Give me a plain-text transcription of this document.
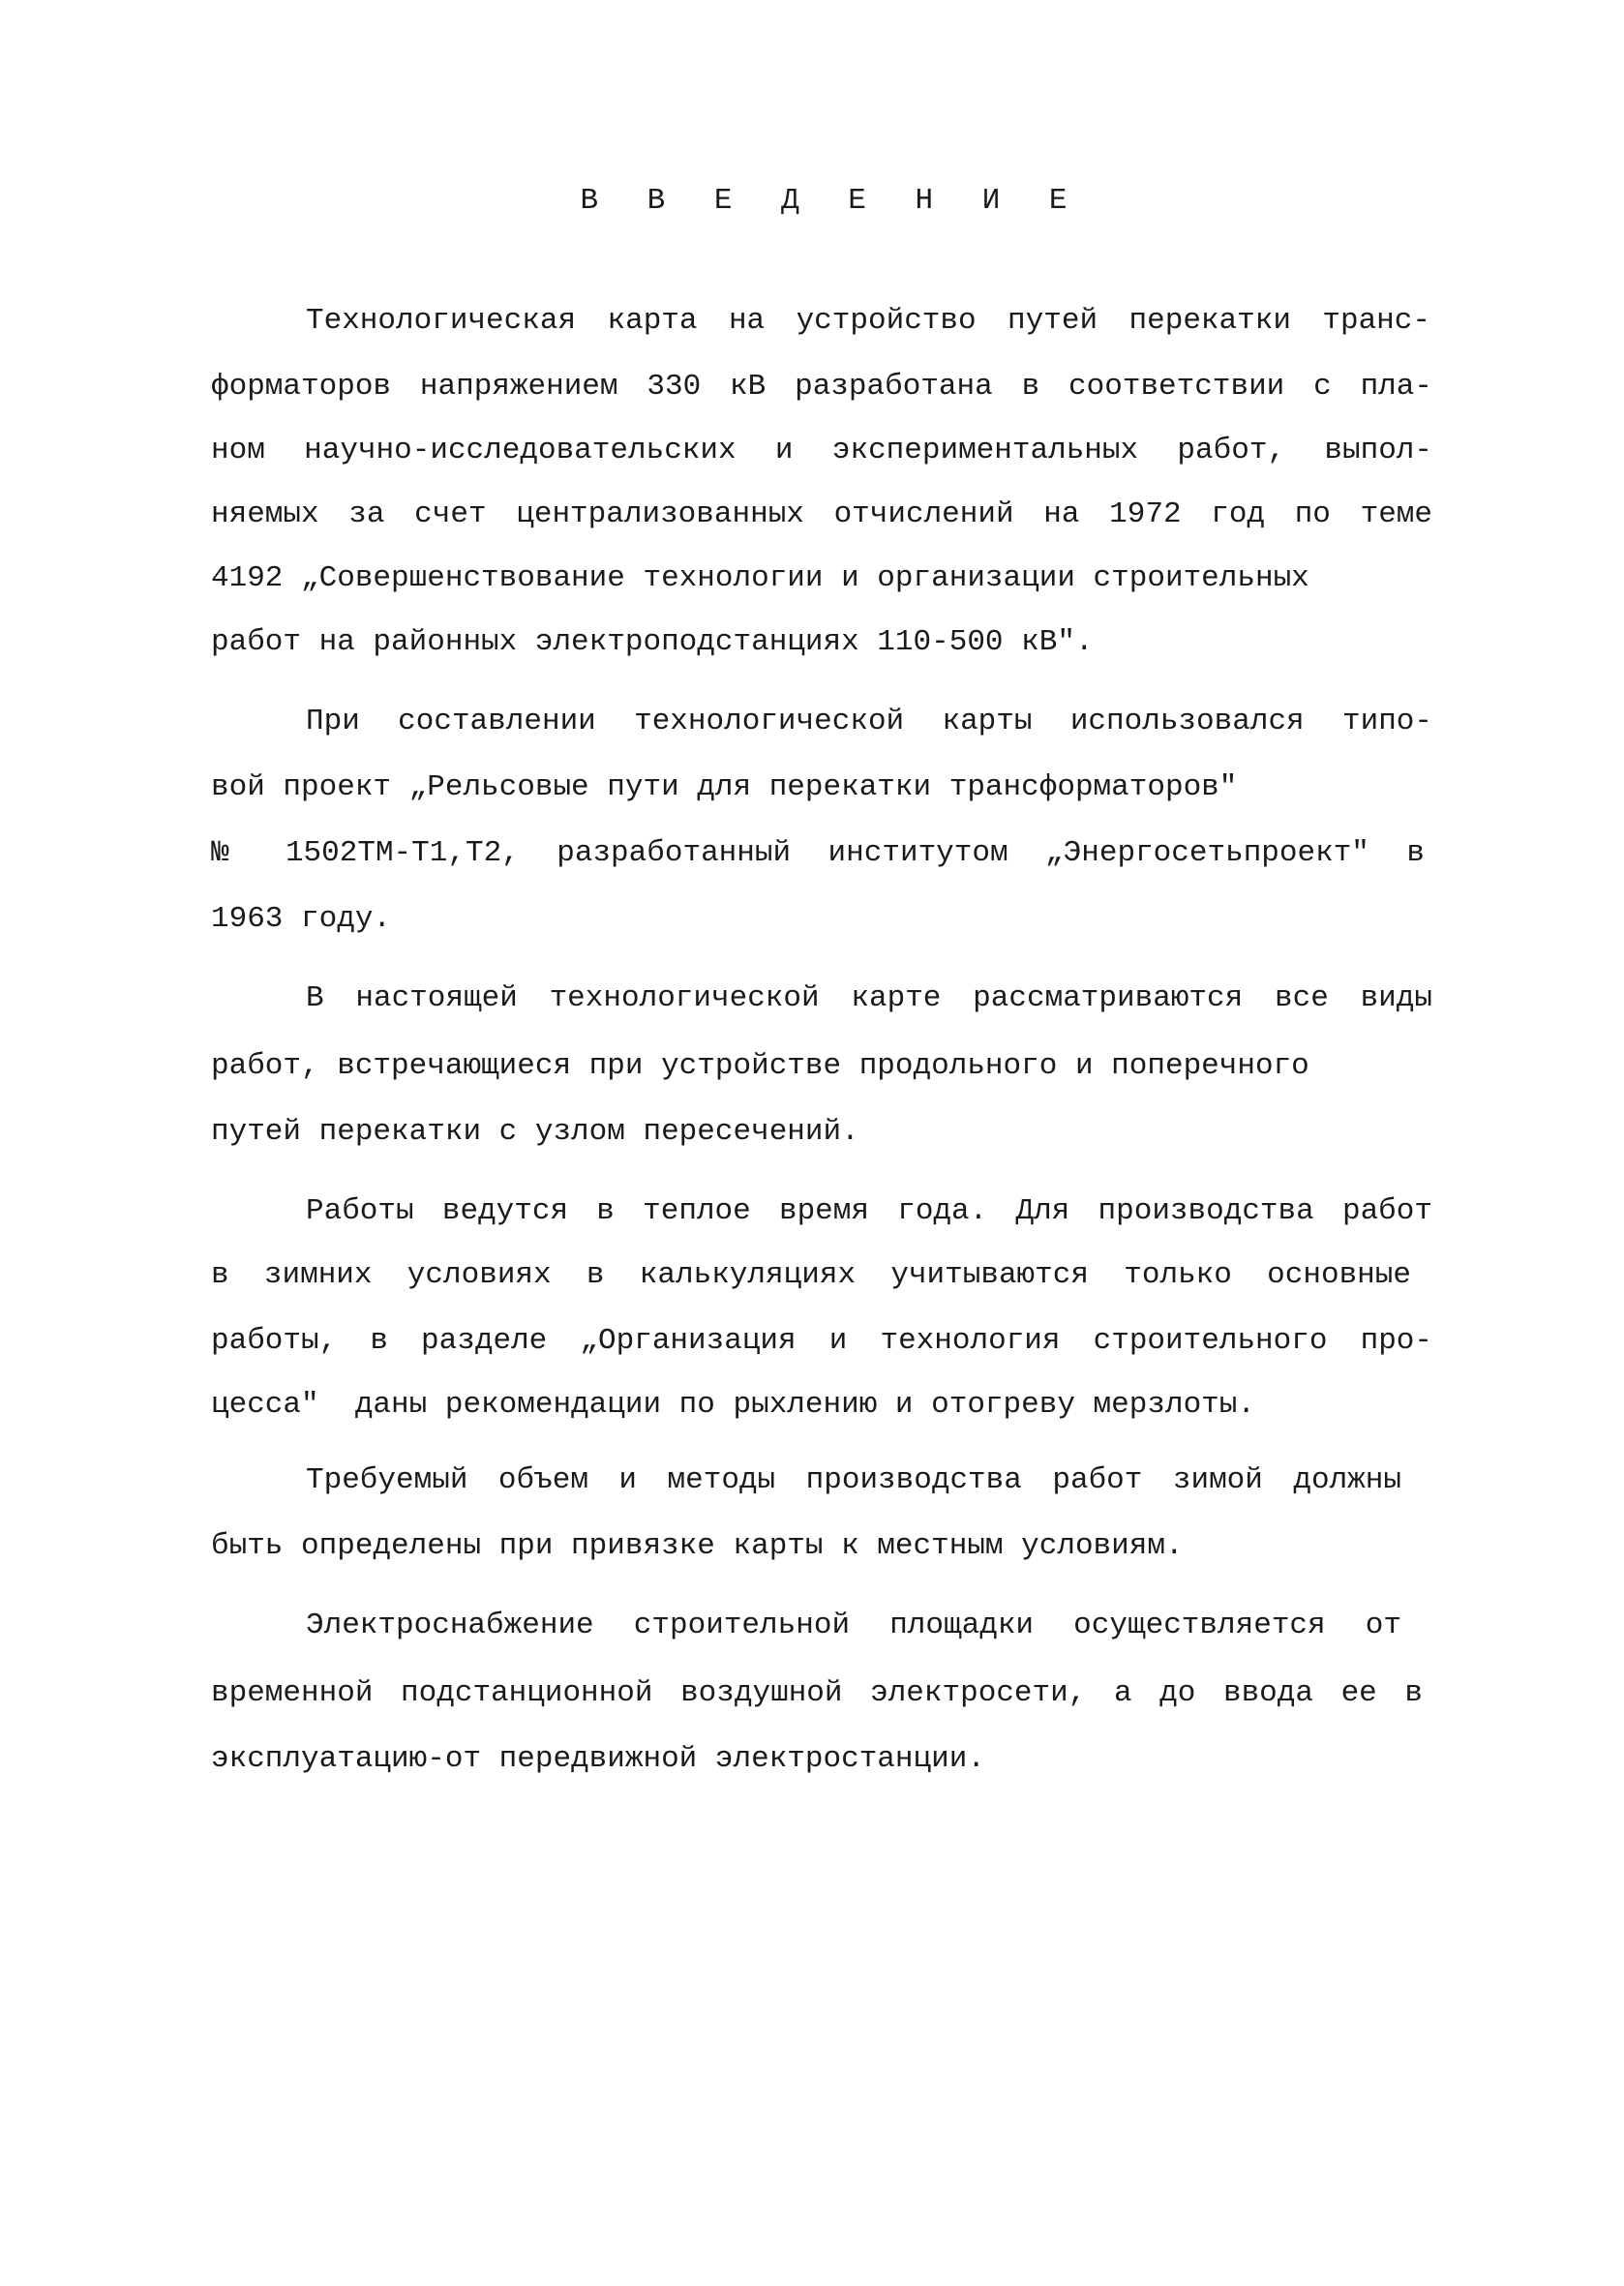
В В Е Д Е Н И Е
Технологическая карта на устройство путей перекатки транс-
форматоров напряжением 330 кВ разработана в соответствии с пла-
ном научно-исследовательских и экспериментальных работ, выпол-
няемых за счет централизованных отчислений на 1972 год по теме
4192 „Совершенствование технологии и организации строительных
работ на районных электроподстанциях 110-500 кВ".
При составлении технологической карты использовался типо-
вой проект „Рельсовые пути для перекатки трансформаторов"
№ 1502ТМ-Т1,Т2, разработанный институтом „Энергосетьпроект" в
1963 году.
В настоящей технологической карте рассматриваются все виды
работ, встречающиеся при устройстве продольного и поперечного
путей перекатки с узлом пересечений.
Работы ведутся в теплое время года. Для производства работ
в зимних условиях в калькуляциях учитываются только основные
работы, в разделе „Организация и технология строительного про-
цесса"  даны рекомендации по рыхлению и отогреву мерзлоты.
Требуемый объем и методы производства работ зимой должны
быть определены при привязке карты к местным условиям.
Электроснабжение строительной площадки осуществляется от
временной подстанционной воздушной электросети, а до ввода ее в
эксплуатацию-от передвижной электростанции.
